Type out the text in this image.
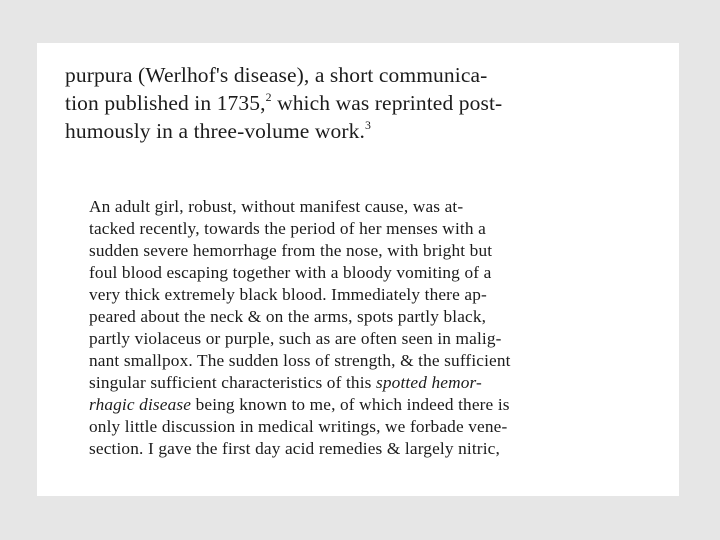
purpura (Werlhof's disease), a short communica-

tion published in 1735,$^2$ which was reprinted post-

humously in a three-volume work.$^3$

An adult girl, robust, without manifest cause, was at-

tacked recently, towards the period of her menses with a

sudden severe hemorrhage from the nose, with bright but

foul blood escaping together with a bloody vomiting of a

very thick extremely black blood. Immediately there ap-

peared about the neck & on the arms, spots partly black,

partly violaceus or purple, such as are often seen in malig-

nant smallpox. The sudden loss of strength, & the sufficient

singular sufficient characteristics of this spotted hemor-

rhagic disease being known to me, of which indeed there is

only little discussion in medical writings, we forbade vene-

section. I gave the first day acid remedies & largely nitric,
